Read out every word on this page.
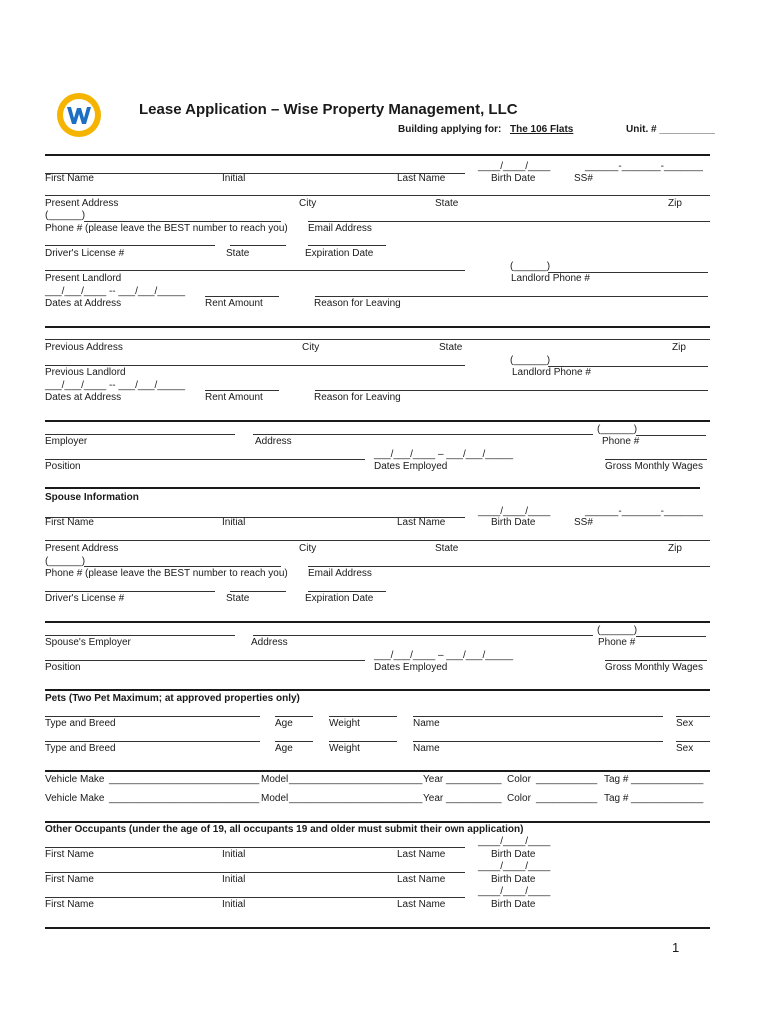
Lease Application – Wise Property Management, LLC
Building applying for: The 106 Flats	Unit. # __________
____/____/____	______-_______-_______
First Name	Initial	Last Name	Birth Date	SS#
Present Address	City	State	Zip
(______)
Phone # (please leave the BEST number to reach you) Email Address
Driver's License #	State	Expiration Date
(______)
Present Landlord	Landlord Phone #
___/___/____ -- ___/___/_____
Dates at Address	Rent Amount	Reason for Leaving
Previous Address	City	State	Zip
(______)
Previous Landlord	Landlord Phone #
___/___/____ -- ___/___/_____
Dates at Address	Rent Amount	Reason for Leaving
(______)
Employer	Address	Phone #
___/___/____ – ___/___/_____
Position	Dates Employed	Gross Monthly Wages
Spouse Information
____/____/____	______-_______-_______
First Name	Initial	Last Name	Birth Date	SS#
Present Address	City	State	Zip
(______)
Phone # (please leave the BEST number to reach you) Email Address
Driver's License #	State	Expiration Date
(______)
Spouse's Employer	Address	Phone #
___/___/____ – ___/___/_____
Position	Dates Employed	Gross Monthly Wages
Pets (Two Pet Maximum; at approved properties only)
Type and Breed	Age	Weight	Name	Sex
Type and Breed	Age	Weight	Name	Sex
Vehicle Make ___________________________ Model ________________________ Year __________ Color ___________ Tag # _____________
Vehicle Make ___________________________ Model ________________________ Year __________ Color ___________ Tag # _____________
Other Occupants (under the age of 19, all occupants 19 and older must submit their own application)
____/____/____
First Name	Initial	Last Name	Birth Date
____/____/____
First Name	Initial	Last Name	Birth Date
____/____/____
First Name	Initial	Last Name	Birth Date
1
